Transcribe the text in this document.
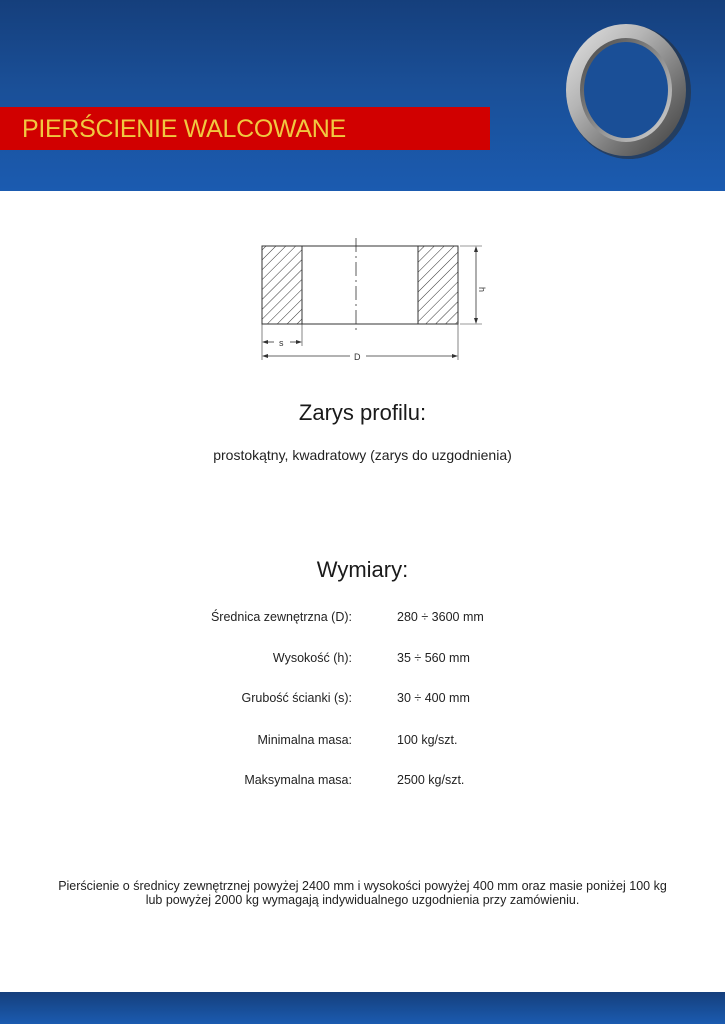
PIERŚCIENIE WALCOWANE
h
s
D
Zarys profilu:
prostokątny, kwadratowy (zarys do uzgodnienia)
Wymiary:
Średnica zewnętrzna (D):	280 ÷ 3600 mm
Wysokość (h):	35 ÷ 560 mm
Grubość ścianki (s):	30 ÷ 400 mm
Minimalna masa:	100 kg/szt.
Maksymalna masa:	2500 kg/szt.
Pierścienie o średnicy zewnętrznej powyżej 2400 mm i wysokości powyżej 400 mm oraz masie poniżej 100 kg
lub powyżej 2000 kg wymagają indywidualnego uzgodnienia przy zamówieniu.
